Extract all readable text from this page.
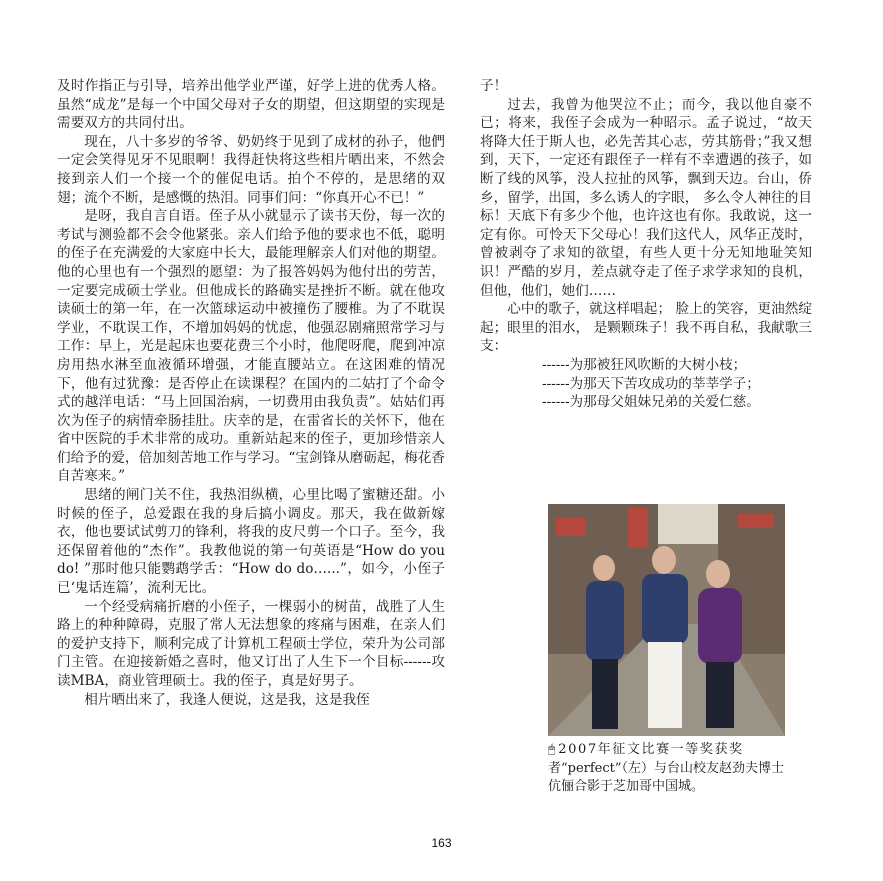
及时作指正与引导，培养出他学业严谨，好学上进的优秀人格。虽然“成龙”是每一个中国父母对子女的期望，但这期望的实现是需要双方的共同付出。

现在，八十多岁的爷爷、奶奶终于见到了成材的孙子，他們一定会笑得见牙不见眼啊！我得赶快将这些相片晒出来，不然会接到亲人们一个接一个的催促电话。拍个不停的，是思绪的双翅；流个不断，是感慨的热泪。同事们问：“你真开心不已！”

是呀，我自言自语。侄子从小就显示了读书天份，每一次的考试与测验都不会令他紧张。亲人们给予他的要求也不低，聪明的侄子在充满爱的大家庭中长大，最能理解亲人们对他的期望。他的心里也有一个强烈的愿望：为了报答妈妈为他付出的劳苦，一定要完成硕士学业。但他成长的路确实是挫折不断。就在他攻读硕士的第一年，在一次篮球运动中被撞伤了腰椎。为了不耽误学业，不耽误工作，不增加妈妈的忧虑，他强忍剧痛照常学习与工作：早上，光是起床也要花费三个小时，他爬呀爬，爬到冲凉房用热水淋至血液循环增强，才能直腰站立。在这困难的情况下，他有过犹豫：是否停止在读课程？在国内的二姑打了个命令式的越洋电话：“马上回国治病，一切费用由我负责”。姑姑们再次为侄子的病情牵肠挂肚。庆幸的是，在雷省长的关怀下，他在省中医院的手术非常的成功。重新站起来的侄子，更加珍惜亲人们给予的爱，倍加刻苦地工作与学习。“宝剑锋从磨砺起，梅花香自苦寒来。”

思绪的闸门关不住，我热泪纵横，心里比喝了蜜糖还甜。小时候的侄子，总爱跟在我的身后搞小调皮。那天，我在做新嫁衣，他也要试试剪刀的锋利，将我的皮尺剪一个口子。至今，我还保留着他的“杰作”。我教他说的第一句英语是“How do you do! ”那时他只能鹦鹉学舌：“How do do…...”，如今，小侄子已‘鬼话连篇’，流利无比。

一个经受病痛折磨的小侄子，一棵弱小的树苗，战胜了人生路上的种种障碍，克服了常人无法想象的疼痛与困难，在亲人们的爱护支持下，顺利完成了计算机工程硕士学位，荣升为公司部门主管。在迎接新婚之喜时，他又订出了人生下一个目标------攻读MBA，商业管理硕士。我的侄子，真是好男子。

相片晒出来了，我逢人便说，这是我，这是我侄

子！

过去，我曾为他哭泣不止；而今，我以他自豪不已；将来，我侄子会成为一种昭示。孟子说过，“故天将降大任于斯人也，必先苦其心志，劳其筋骨；”我又想到，天下，一定还有跟侄子一样有不幸遭遇的孩子，如断了线的风筝，没人拉扯的风筝，飘到天边。台山，侨乡，留学，出国，多么诱人的字眼， 多么令人神往的目标！天底下有多少个他，也许这也有你。我敢说，这一定有你。可怜天下父母心！我们这代人，风华正茂时，曾被剥夺了求知的欲望，有些人更十分无知地耻笑知识！严酷的岁月，差点就夺走了侄子求学求知的良机，但他，他们，她们……

心中的歌子，就这样唱起； 脸上的笑容，更油然绽起；眼里的泪水， 是颗颗珠子！我不再自私，我献歌三支：

------为那被狂风吹断的大树小枝；

------为那天下苦攻成功的莘莘学子；

------为那母父姐妹兄弟的关爱仁慈。

🖱 2007年征文比赛一等奖获奖
者“perfect”（左）与台山校友赵劲夫博士伉俪合影于芝加哥中国城。
163
